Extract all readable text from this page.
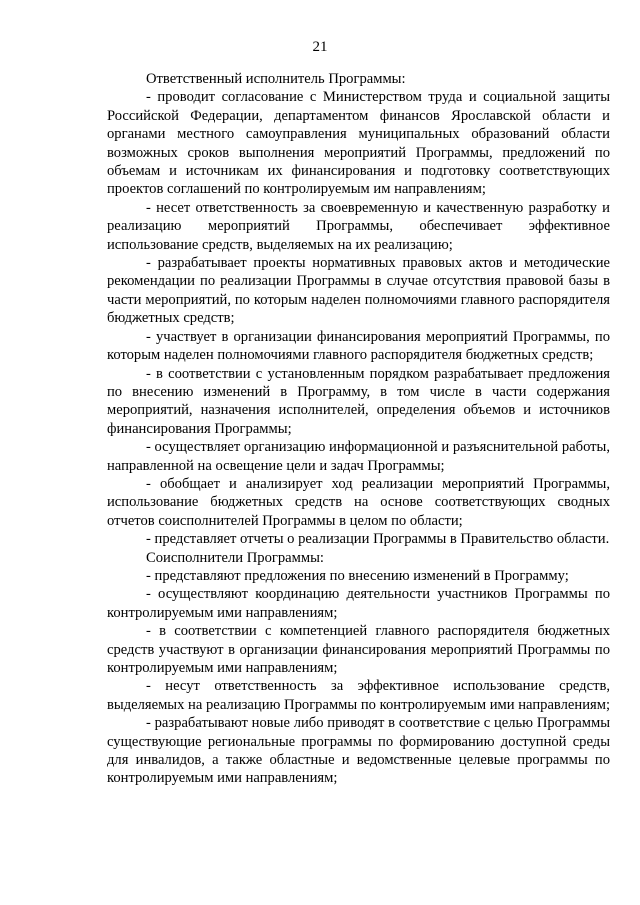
21

Ответственный исполнитель Программы:

- проводит согласование с Министерством труда и социальной защиты Российской Федерации, департаментом финансов Ярославской области и органами местного самоуправления муниципальных образований области возможных сроков выполнения мероприятий Программы, предложений по объемам и источникам их финансирования и подготовку соответствующих проектов соглашений по контролируемым им направлениям;

- несет ответственность за своевременную и качественную разработку и реализацию мероприятий Программы, обеспечивает эффективное использование средств, выделяемых на их реализацию;

- разрабатывает проекты нормативных правовых актов и методические рекомендации по реализации Программы в случае отсутствия правовой базы в части мероприятий, по которым наделен полномочиями главного распорядителя бюджетных средств;

- участвует в организации финансирования мероприятий Программы, по которым наделен полномочиями главного распорядителя бюджетных средств;

- в соответствии с установленным порядком разрабатывает предложения по внесению изменений в Программу, в том числе в части содержания мероприятий, назначения исполнителей, определения объемов и источников финансирования Программы;

- осуществляет организацию информационной и разъяснительной работы, направленной на освещение цели и задач Программы;

- обобщает и анализирует ход реализации мероприятий Программы, использование бюджетных средств на основе соответствующих сводных отчетов соисполнителей Программы в целом по области;

- представляет отчеты о реализации Программы в Правительство области.

Соисполнители Программы:

- представляют предложения по внесению изменений в Программу;

- осуществляют координацию деятельности участников Программы по контролируемым ими направлениям;

- в соответствии с компетенцией главного распорядителя бюджетных средств участвуют в организации финансирования мероприятий Программы по контролируемым ими направлениям;

- несут ответственность за эффективное использование средств, выделяемых на реализацию Программы по контролируемым ими направлениям;

- разрабатывают новые либо приводят в соответствие с целью Программы существующие региональные программы по формированию доступной среды для инвалидов, а также областные и ведомственные целевые программы по контролируемым ими направлениям;
